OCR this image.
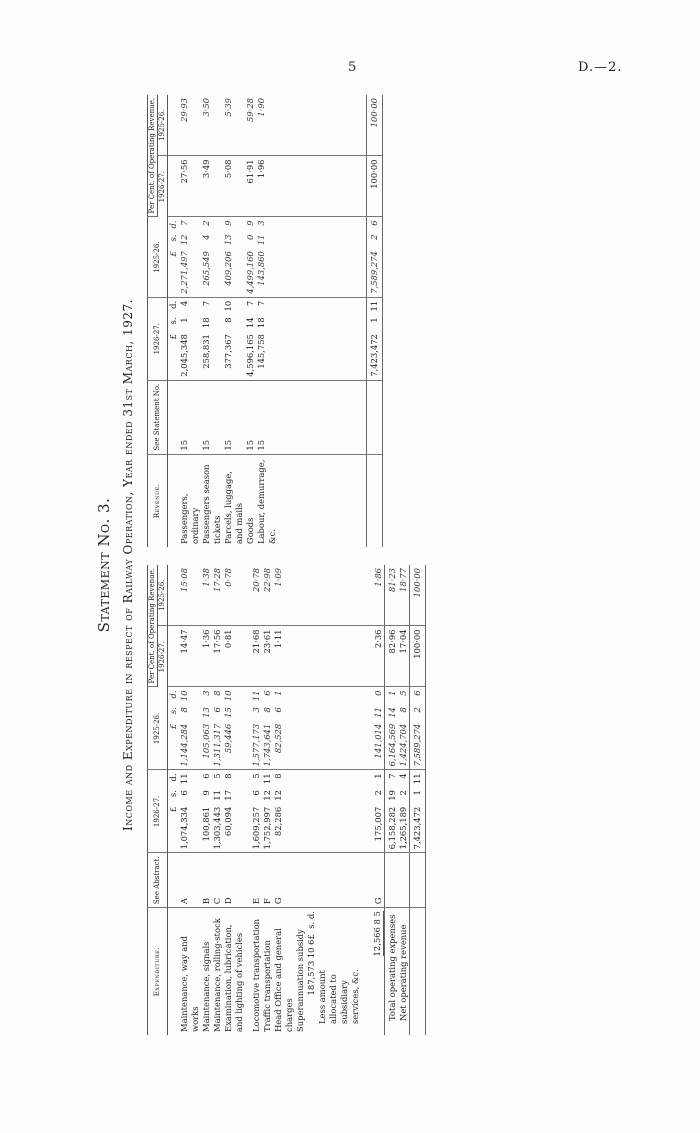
5	D.—2.
Statement No. 3. Income and Expenditure in respect of Railway Operation, Year ended 31st March, 1927.
Expenditure.	See Abstract.	1926-27.			1925-26.			Per Cent. of Operating Revenue.	
								1926-27.	1925-26.
		£	s.	d.	£	s.	d.		
Maintenance, way and works	A	1,074,334	6	11	1,144,284	8	10	14·47	15·08
Maintenance, signals	B	100,861	9	6	105,063	13	3	1·36	1·38
Maintenance, rolling-stock	C	1,303,443	11	5	1,311,317	6	8	17·56	17·28
Examination, lubrication, and lighting of vehicles	D	60,094	17	8	59,446	15	10	0·81	0·78

Locomotive transportation	E	1,609,257	6	5	1,577,173	3	11	21·68	20·78
Traffic transportation	F	1,752,997	12	11	1,743,641	8	6	23·61	22·98
Head Office and general charges	G	82,286	12	8	82,528	6	1	1·11	1·09

Superannuation subsidy £  s. d.
187,573 10 6
Less amount allocated to subsidiary services, &c.
12,566 8 5	G	175,007	2	1	141,014	11	0	2·36	1·86
Total operating expenses		6,158,282	19	7	6,164,569	14	1	82·96	81·23
Net operating revenue		1,265,189	2	4	1,424,704	8	5	17·04	18·77
		7,423,472	1	11	7,589,274	2	6	100·00	100·00
Revenue.	See Statement No.	1926-27.			1925-26.			Per Cent. of Operating Revenue.	
								1926-27.	1925-26.
		£	s.	d.	£	s.	d.		
Passengers, ordinary	15	2,045,348	1	4	2,271,497	12	7	27·56	29·93
Passengers season tickets	15	258,831	18	7	265,549	4	2	3·49	3·50
Parcels, luggage, and mails	15	377,367	8	10	409,206	13	9	5·08	5·39
Goods	15	4,596,165	14	7	4,499,160	0	9	61·91	59·28
Labour, demurrage, &c.	15	145,758	18	7	143,860	11	3	1·96	1·90

		7,423,472	1	11	7,589,274	2	6	100·00	100·00
